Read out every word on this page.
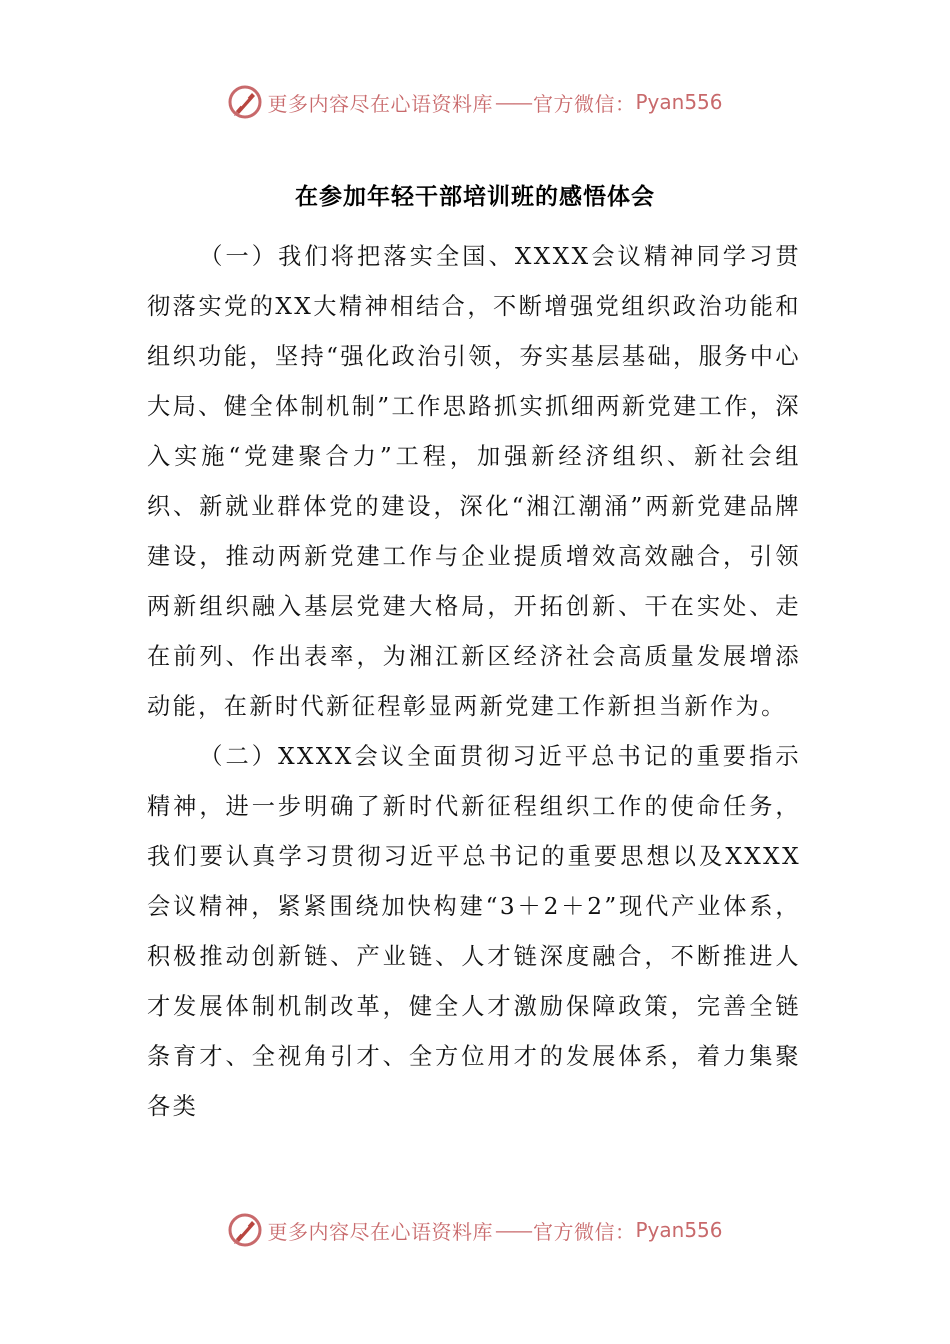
更多内容尽在心语资料库 —— 官方微信： Pyan556
在参加年轻干部培训班的感悟体会

（一）我们将把落实全国、XXXX会议精神同学习贯彻落实党的XX大精神相结合，不断增强党组织政治功能和组织功能，坚持“强化政治引领，夯实基层基础，服务中心大局、健全体制机制”工作思路抓实抓细两新党建工作，深入实施“党建聚合力”工程，加强新经济组织、新社会组织、新就业群体党的建设，深化“湘江潮涌”两新党建品牌建设，推动两新党建工作与企业提质增效高效融合，引领两新组织融入基层党建大格局，开拓创新、干在实处、走在前列、作出表率，为湘江新区经济社会高质量发展增添动能，在新时代新征程彰显两新党建工作新担当新作为。

（二）XXXX会议全面贯彻习近平总书记的重要指示精神，进一步明确了新时代新征程组织工作的使命任务，我们要认真学习贯彻习近平总书记的重要思想以及XXXX会议精神，紧紧围绕加快构建“3＋2＋2”现代产业体系，积极推动创新链、产业链、人才链深度融合，不断推进人才发展体制机制改革，健全人才激励保障政策，完善全链条育才、全视角引才、全方位用才的发展体系，着力集聚各类

更多内容尽在心语资料库 —— 官方微信： Pyan556
